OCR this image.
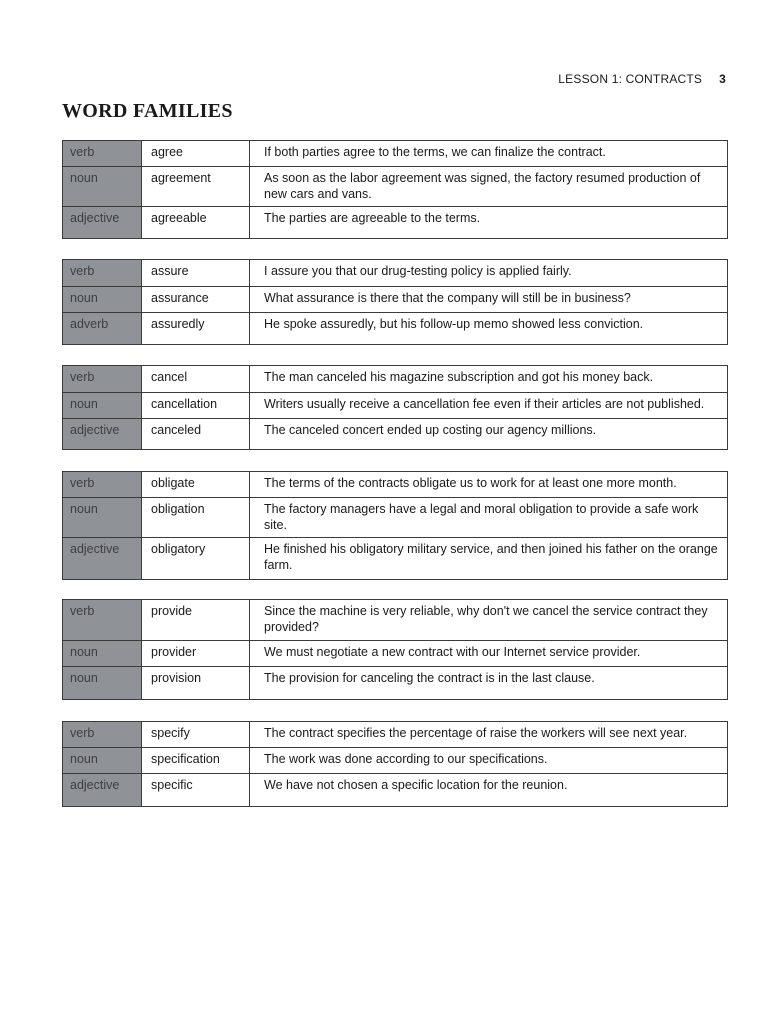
LESSON 1: CONTRACTS 3
WORD FAMILIES
verb	agree	If both parties agree to the terms, we can finalize the contract.
noun	agreement	As soon as the labor agreement was signed, the factory resumed production of new cars and vans.
adjective	agreeable	The parties are agreeable to the terms.
verb	assure	I assure you that our drug-testing policy is applied fairly.
noun	assurance	What assurance is there that the company will still be in business?
adverb	assuredly	He spoke assuredly, but his follow-up memo showed less conviction.
verb	cancel	The man canceled his magazine subscription and got his money back.
noun	cancellation	Writers usually receive a cancellation fee even if their articles are not published.
adjective	canceled	The canceled concert ended up costing our agency millions.
verb	obligate	The terms of the contracts obligate us to work for at least one more month.
noun	obligation	The factory managers have a legal and moral obligation to provide a safe work site.
adjective	obligatory	He finished his obligatory military service, and then joined his father on the orange farm.
verb	provide	Since the machine is very reliable, why don't we cancel the service contract they provided?
noun	provider	We must negotiate a new contract with our Internet service provider.
noun	provision	The provision for canceling the contract is in the last clause.
verb	specify	The contract specifies the percentage of raise the workers will see next year.
noun	specification	The work was done according to our specifications.
adjective	specific	We have not chosen a specific location for the reunion.
